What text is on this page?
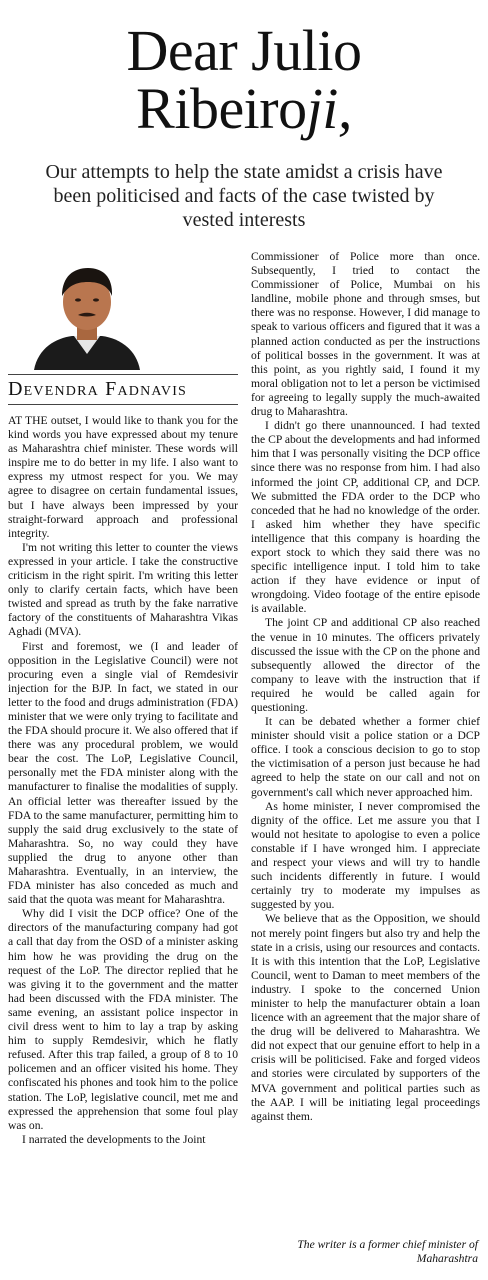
Dear Julio
Ribeiroji,
Our attempts to help the state amidst a crisis have been politicised and facts of the case twisted by vested interests
Devendra Fadnavis

AT THE outset, I would like to thank you for the kind words you have expressed about my tenure as Maharashtra chief minister. These words will inspire me to do better in my life. I also want to express my utmost respect for you. We may agree to disagree on certain fundamental issues, but I have always been impressed by your straight-forward approach and professional integrity.

I'm not writing this letter to counter the views expressed in your article. I take the constructive criticism in the right spirit. I'm writing this letter only to clarify certain facts, which have been twisted and spread as truth by the fake narrative factory of the constituents of Maharashtra Vikas Aghadi (MVA).

First and foremost, we (I and leader of opposition in the Legislative Council) were not procuring even a single vial of Remdesivir injection for the BJP. In fact, we stated in our letter to the food and drugs administration (FDA) minister that we were only trying to facilitate and the FDA should procure it. We also offered that if there was any procedural problem, we would bear the cost. The LoP, Legislative Council, personally met the FDA minister along with the manufacturer to finalise the modalities of supply. An official letter was thereafter issued by the FDA to the same manufacturer, permitting him to supply the said drug exclusively to the state of Maharashtra. So, no way could they have supplied the drug to anyone other than Maharashtra. Eventually, in an interview, the FDA minister has also conceded as much and said that the quota was meant for Maharashtra.

Why did I visit the DCP office? One of the directors of the manufacturing company had got a call that day from the OSD of a minister asking him how he was providing the drug on the request of the LoP. The director replied that he was giving it to the government and the matter had been discussed with the FDA minister. The same evening, an assistant police inspector in civil dress went to him to lay a trap by asking him to supply Remdesivir, which he flatly refused. After this trap failed, a group of 8 to 10 policemen and an officer visited his home. They confiscated his phones and took him to the police station. The LoP, legislative council, met me and expressed the apprehension that some foul play was on.

I narrated the developments to the Joint

Commissioner of Police more than once. Subsequently, I tried to contact the Commissioner of Police, Mumbai on his landline, mobile phone and through smses, but there was no response. However, I did manage to speak to various officers and figured that it was a planned action conducted as per the instructions of political bosses in the government. It was at this point, as you rightly said, I found it my moral obligation not to let a person be victimised for agreeing to legally supply the much-awaited drug to Maharashtra.

I didn't go there unannounced. I had texted the CP about the developments and had informed him that I was personally visiting the DCP office since there was no response from him. I had also informed the joint CP, additional CP, and DCP. We submitted the FDA order to the DCP who conceded that he had no knowledge of the order. I asked him whether they have specific intelligence that this company is hoarding the export stock to which they said there was no specific intelligence input. I told him to take action if they have evidence or input of wrongdoing. Video footage of the entire episode is available.

The joint CP and additional CP also reached the venue in 10 minutes. The officers privately discussed the issue with the CP on the phone and subsequently allowed the director of the company to leave with the instruction that if required he would be called again for questioning.

It can be debated whether a former chief minister should visit a police station or a DCP office. I took a conscious decision to go to stop the victimisation of a person just because he had agreed to help the state on our call and not on government's call which never approached him.

As home minister, I never compromised the dignity of the office. Let me assure you that I would not hesitate to apologise to even a police constable if I have wronged him. I appreciate and respect your views and will try to handle such incidents differently in future. I would certainly try to moderate my impulses as suggested by you.

We believe that as the Opposition, we should not merely point fingers but also try and help the state in a crisis, using our resources and contacts. It is with this intention that the LoP, Legislative Council, went to Daman to meet members of the industry. I spoke to the concerned Union minister to help the manufacturer obtain a loan licence with an agreement that the major share of the drug will be delivered to Maharashtra. We did not expect that our genuine effort to help in a crisis will be politicised. Fake and forged videos and stories were circulated by supporters of the MVA government and political parties such as the AAP. I will be initiating legal proceedings against them.

The writer is a former chief minister of Maharashtra
